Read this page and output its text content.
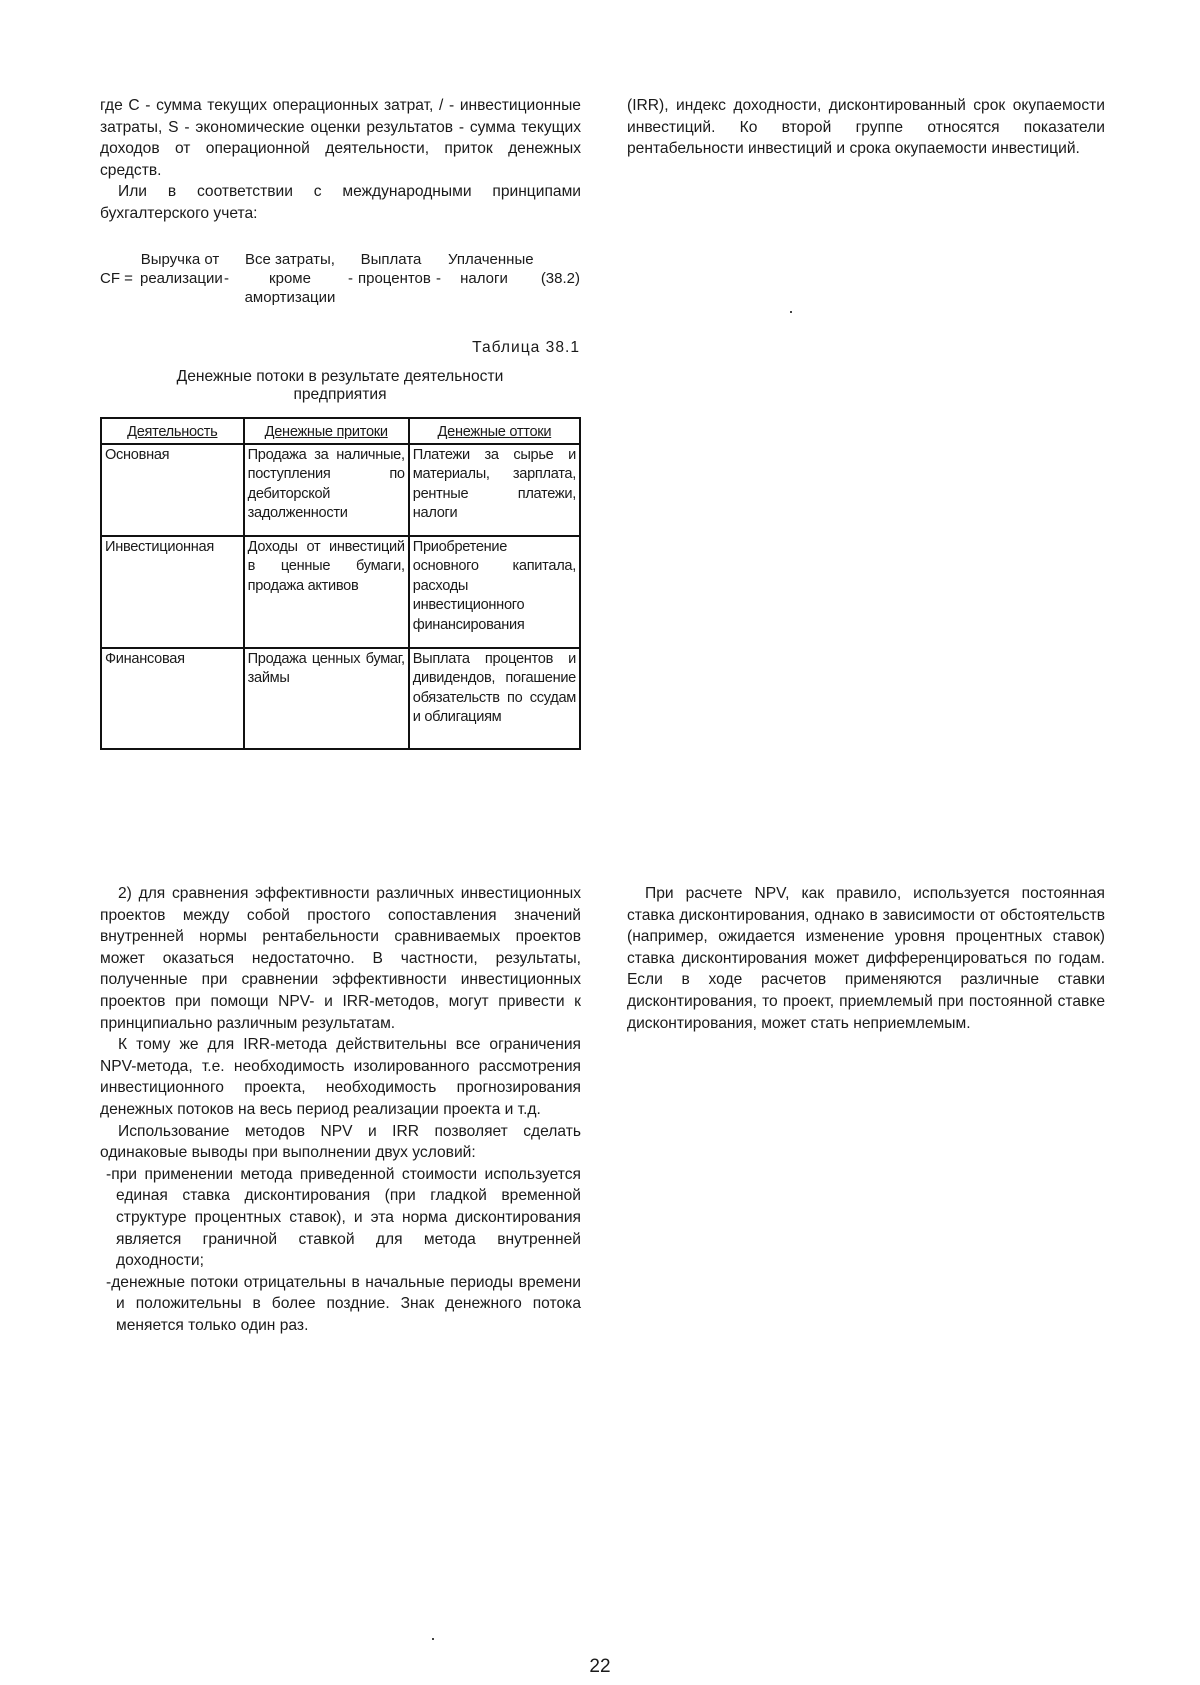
где C - сумма текущих операционных затрат, / - инвестиционные затраты, S - экономические оценки результатов - сумма текущих доходов от операционной деятельности, приток денежных средств.

Или в соответствии с международными принципами бухгалтерского учета:

CF =
Выручка от реализации -
Все затраты, кроме амортизации
-
Выплата процентов -
Уплаченные налоги	(38.2)
Таблица 38.1
Денежные потоки в результате деятельности предприятия
Деятельность	Денежные притоки	Денежные оттоки
Основная	Продажа за наличные, поступления по дебиторской задолженности	Платежи за сырье и материалы, зарплата, рентные платежи, налоги
Инвестиционная	Доходы от инвестиций в ценные бумаги, продажа активов	Приобретение основного капитала, расходы инвестиционного финансирования
Финансовая	Продажа ценных бумаг, займы	Выплата процентов и дивидендов, погашение обязательств по ссудам и облигациям

(IRR), индекс доходности, дисконтированный срок окупаемости инвестиций. Ко второй группе относятся показатели рентабельности инвестиций и срока окупаемости инвестиций.

2) для сравнения эффективности различных инвестиционных проектов между собой простого сопоставления значений внутренней нормы рентабельности сравниваемых проектов может оказаться недостаточно. В частности, результаты, полученные при сравнении эффективности инвестиционных проектов при помощи NPV- и IRR-методов, могут привести к принципиально различным результатам.

К тому же для IRR-метода действительны все ограничения NPV-метода, т.е. необходимость изолированного рассмотрения инвестиционного проекта, необходимость прогнозирования денежных потоков на весь период реализации проекта и т.д.

Использование методов NPV и IRR позволяет сделать одинаковые выводы при выполнении двух условий:

-при применении метода приведенной стоимости используется единая ставка дисконтирования (при гладкой временной структуре процентных ставок), и эта норма дисконтирования является граничной ставкой для метода внутренней доходности;

-денежные потоки отрицательны в начальные периоды времени и положительны в более поздние. Знак денежного потока меняется только один раз.

При расчете NPV, как правило, используется постоянная ставка дисконтирования, однако в зависимости от обстоятельств (например, ожидается изменение уровня процентных ставок) ставка дисконтирования может дифференцироваться по годам. Если в ходе расчетов применяются различные ставки дисконтирования, то проект, приемлемый при постоянной ставке дисконтирования, может стать неприемлемым.

22
